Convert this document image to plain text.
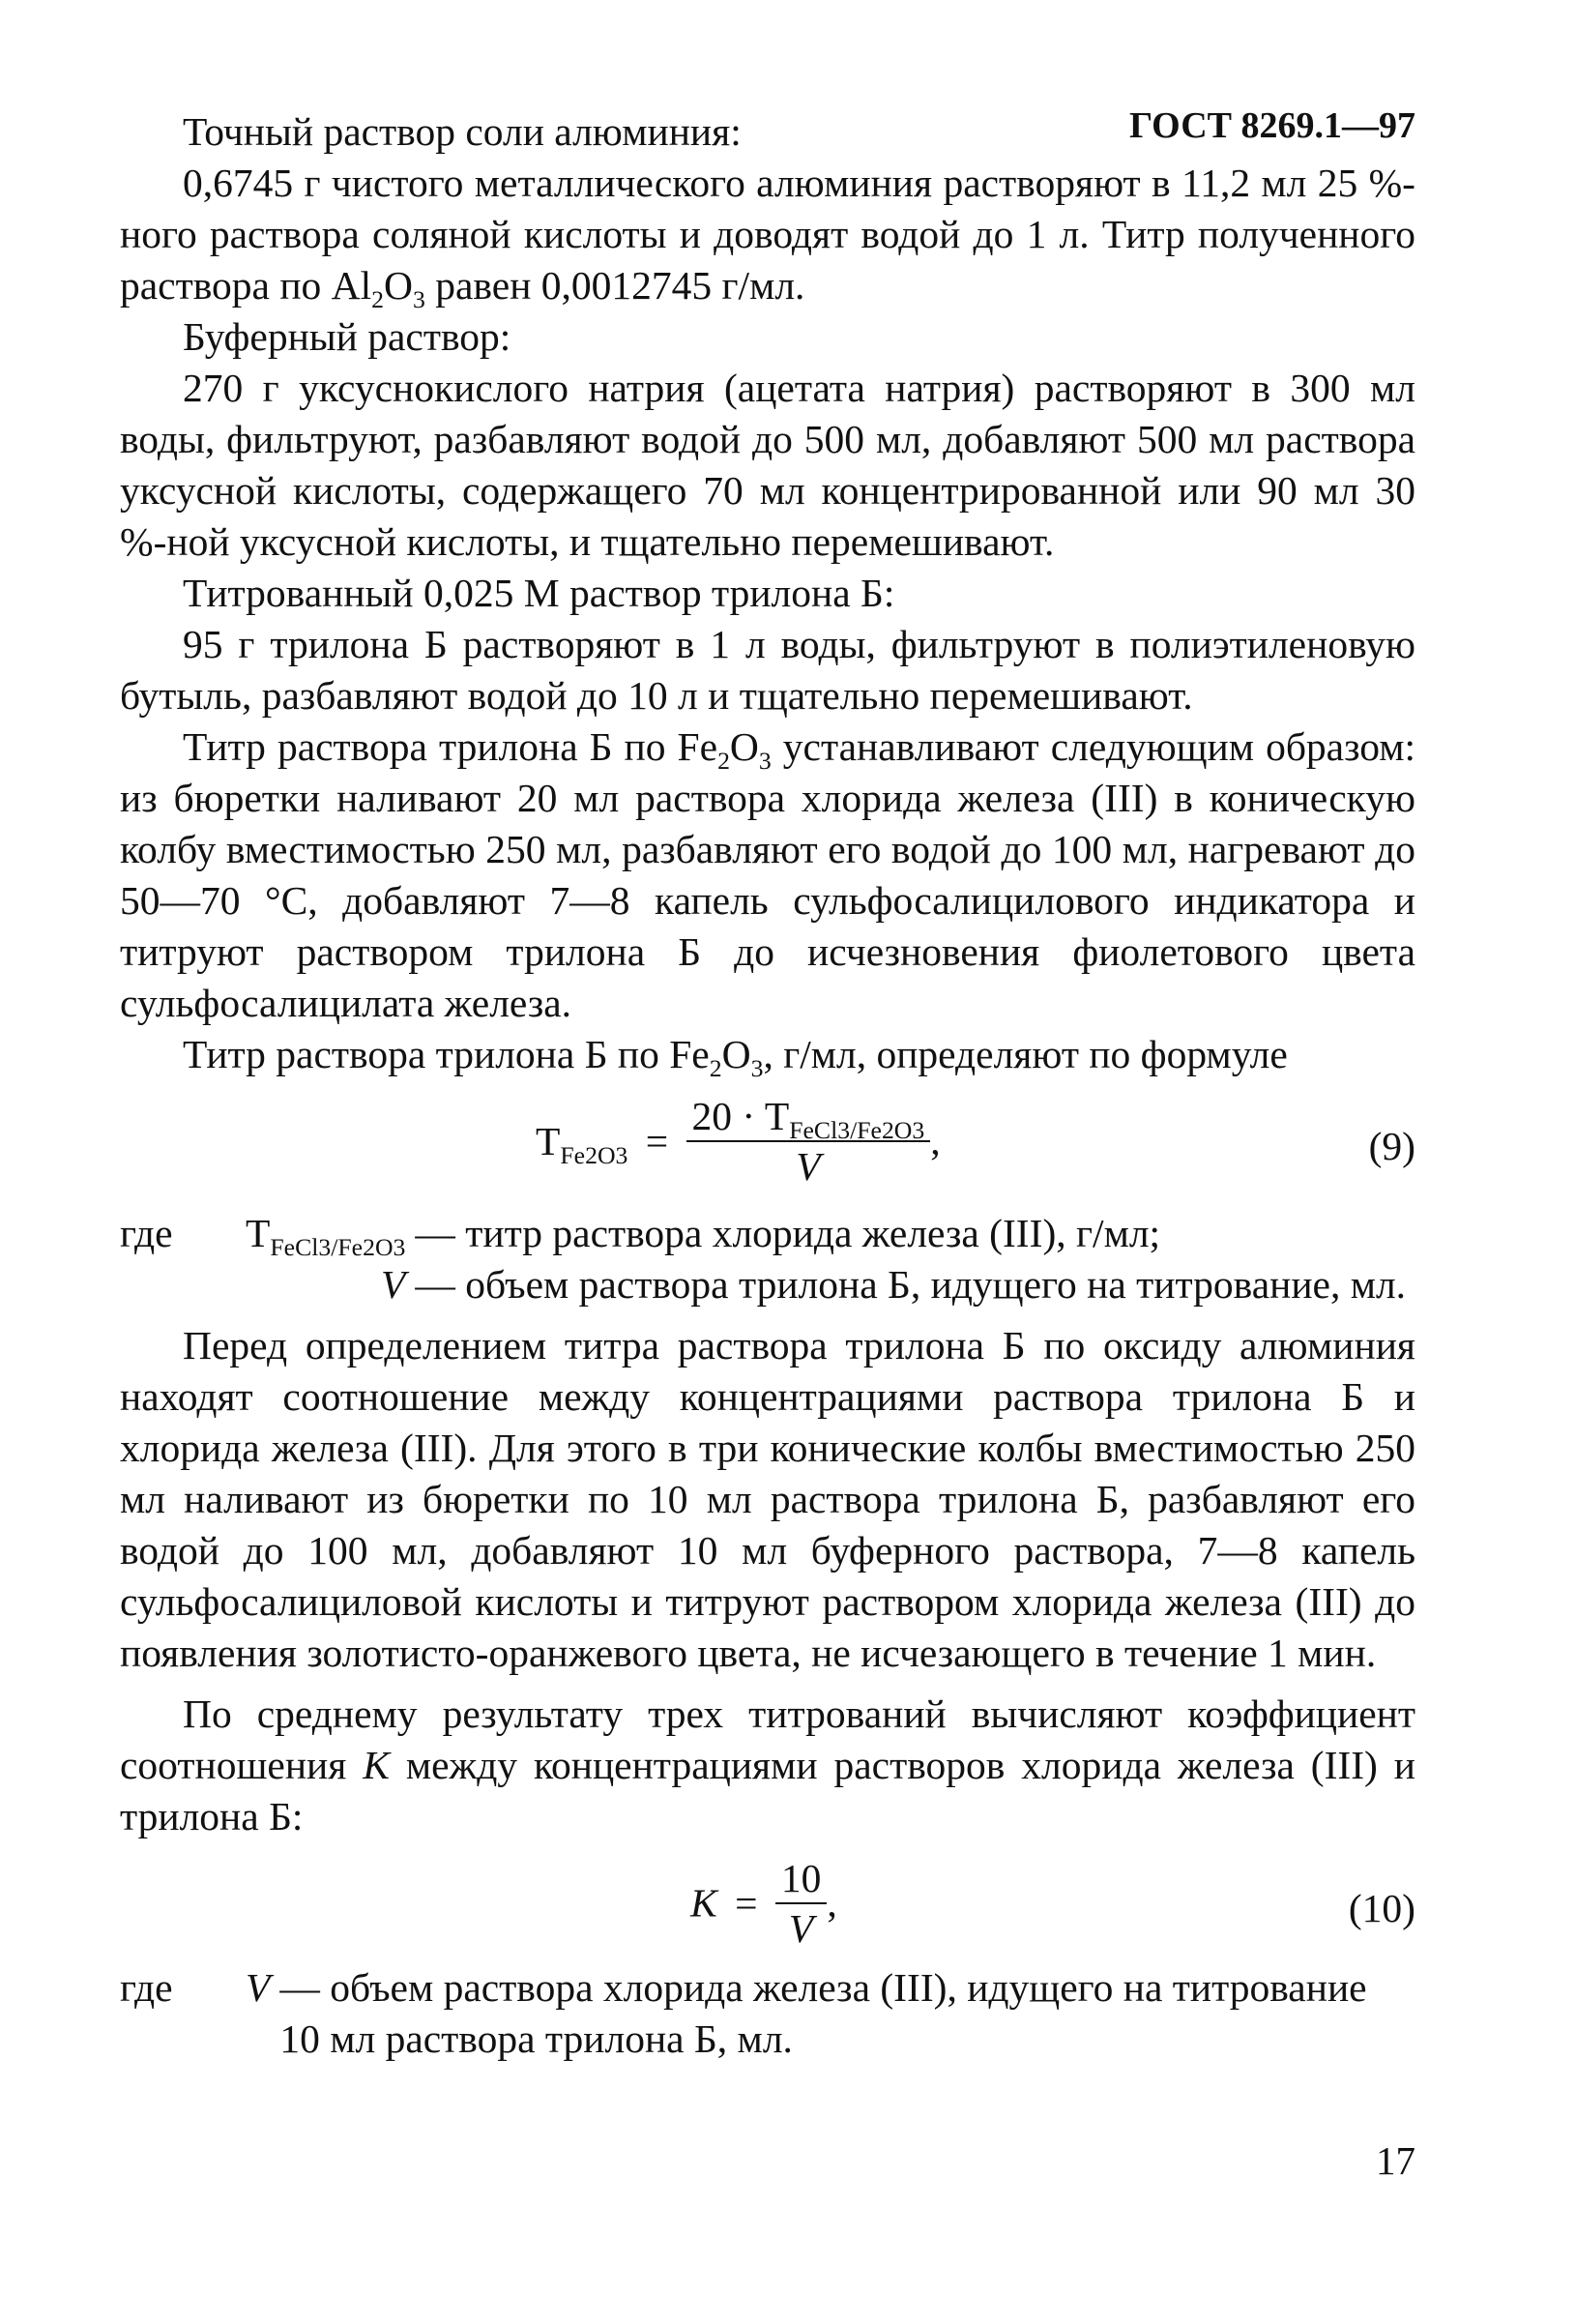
ГОСТ 8269.1—97

Точный раствор соли алюминия:

0,6745 г чистого металлического алюминия растворяют в 11,2 мл 25 %-ного раствора соляной кислоты и доводят водой до 1 л. Титр полученного раствора по $Al_2O_3$ равен 0,0012745 г/мл.

Буферный раствор:

270 г уксуснокислого натрия (ацетата натрия) растворяют в 300 мл воды, фильтруют, разбавляют водой до 500 мл, добавляют 500 мл раствора уксусной кислоты, содержащего 70 мл концентрированной или 90 мл 30 %-ной уксусной кислоты, и тщательно перемешивают.

Титрованный 0,025 М раствор трилона Б:

95 г трилона Б растворяют в 1 л воды, фильтруют в полиэтиленовую бутыль, разбавляют водой до 10 л и тщательно перемешивают.

Титр раствора трилона Б по $Fe_2O_3$ устанавливают следующим образом: из бюретки наливают 20 мл раствора хлорида железа (III) в коническую колбу вместимостью 250 мл, разбавляют его водой до 100 мл, нагревают до 50—70 °C, добавляют 7—8 капель сульфосалицилового индикатора и титруют раствором трилона Б до исчезновения фиолетового цвета сульфосалицилата железа.

Титр раствора трилона Б по $Fe_2O_3$, г/мл, определяют по формуле

$T_{Fe2O3} = \frac{20 \cdot T_{FeCl3/Fe2O3}}{V}$ ,	(9)
где	$T_{FeCl3/Fe2O3}$ — титр раствора хлорида железа (III), г/мл;
V — объем раствора трилона Б, идущего на титрование, мл.

Перед определением титра раствора трилона Б по оксиду алюминия находят соотношение между концентрациями раствора трилона Б и хлорида железа (III). Для этого в три конические колбы вместимостью 250 мл наливают из бюретки по 10 мл раствора трилона Б, разбавляют его водой до 100 мл, добавляют 10 мл буферного раствора, 7—8 капель сульфосалициловой кислоты и титруют раствором хлорида железа (III) до появления золотисто-оранжевого цвета, не исчезающего в течение 1 мин.

По среднему результату трех титрований вычисляют коэффициент соотношения K между концентрациями растворов хлорида железа (III) и трилона Б:

$K = \frac{10}{V}$ ,	(10)
где	V — объем раствора хлорида железа (III), идущего на титрование 10 мл раствора трилона Б, мл.
17
